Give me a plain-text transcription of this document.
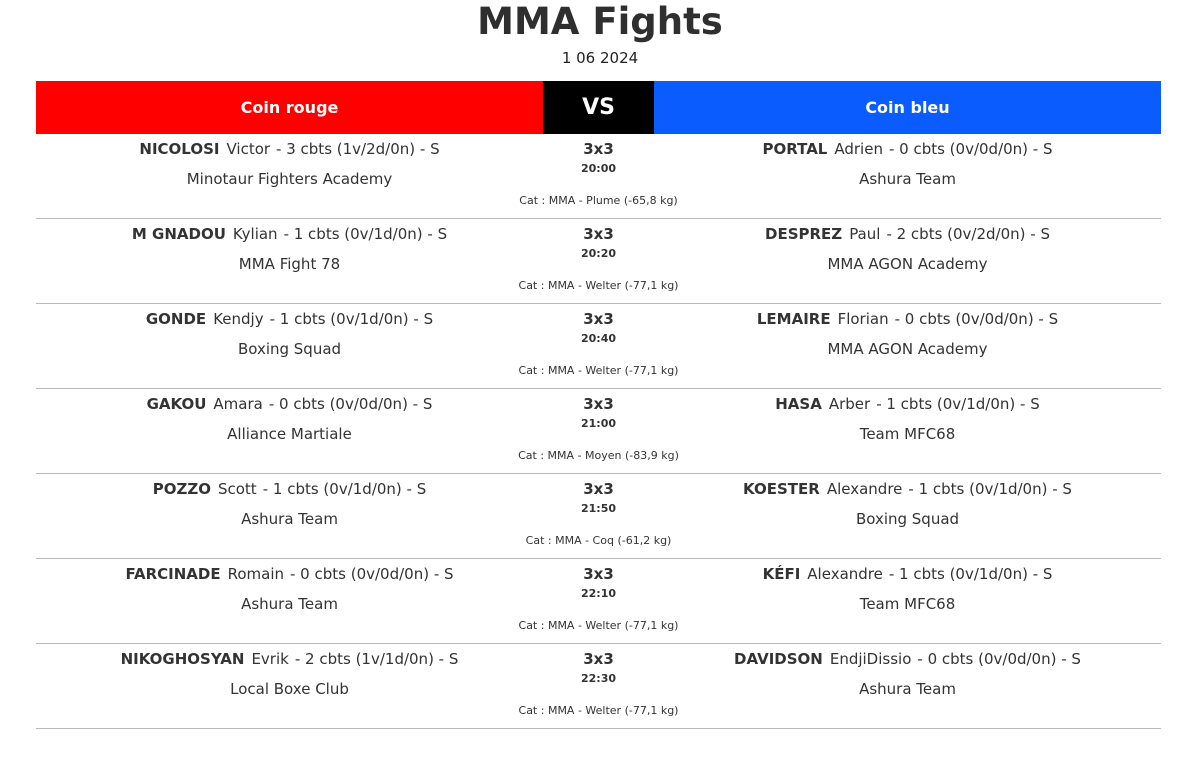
MMA Fights
1 06 2024
Coin rouge	VS	Coin bleu
NICOLOSI Victor - 3 cbts (1v/2d/0n) - S
Minotaur Fighters Academy
3x3
20:00
Cat : MMA - Plume (-65,8 kg)
PORTAL Adrien - 0 cbts (0v/0d/0n) - S
Ashura Team
M GNADOU Kylian - 1 cbts (0v/1d/0n) - S
MMA Fight 78
3x3
20:20
Cat : MMA - Welter (-77,1 kg)
DESPREZ Paul - 2 cbts (0v/2d/0n) - S
MMA AGON Academy
GONDE Kendjy - 1 cbts (0v/1d/0n) - S
Boxing Squad
3x3
20:40
Cat : MMA - Welter (-77,1 kg)
LEMAIRE Florian - 0 cbts (0v/0d/0n) - S
MMA AGON Academy
GAKOU Amara - 0 cbts (0v/0d/0n) - S
Alliance Martiale
3x3
21:00
Cat : MMA - Moyen (-83,9 kg)
HASA Arber - 1 cbts (0v/1d/0n) - S
Team MFC68
POZZO Scott - 1 cbts (0v/1d/0n) - S
Ashura Team
3x3
21:50
Cat : MMA - Coq (-61,2 kg)
KOESTER Alexandre - 1 cbts (0v/1d/0n) - S
Boxing Squad
FARCINADE Romain - 0 cbts (0v/0d/0n) - S
Ashura Team
3x3
22:10
Cat : MMA - Welter (-77,1 kg)
KÉFI Alexandre - 1 cbts (0v/1d/0n) - S
Team MFC68
NIKOGHOSYAN Evrik - 2 cbts (1v/1d/0n) - S
Local Boxe Club
3x3
22:30
Cat : MMA - Welter (-77,1 kg)
DAVIDSON EndjiDissio - 0 cbts (0v/0d/0n) - S
Ashura Team
